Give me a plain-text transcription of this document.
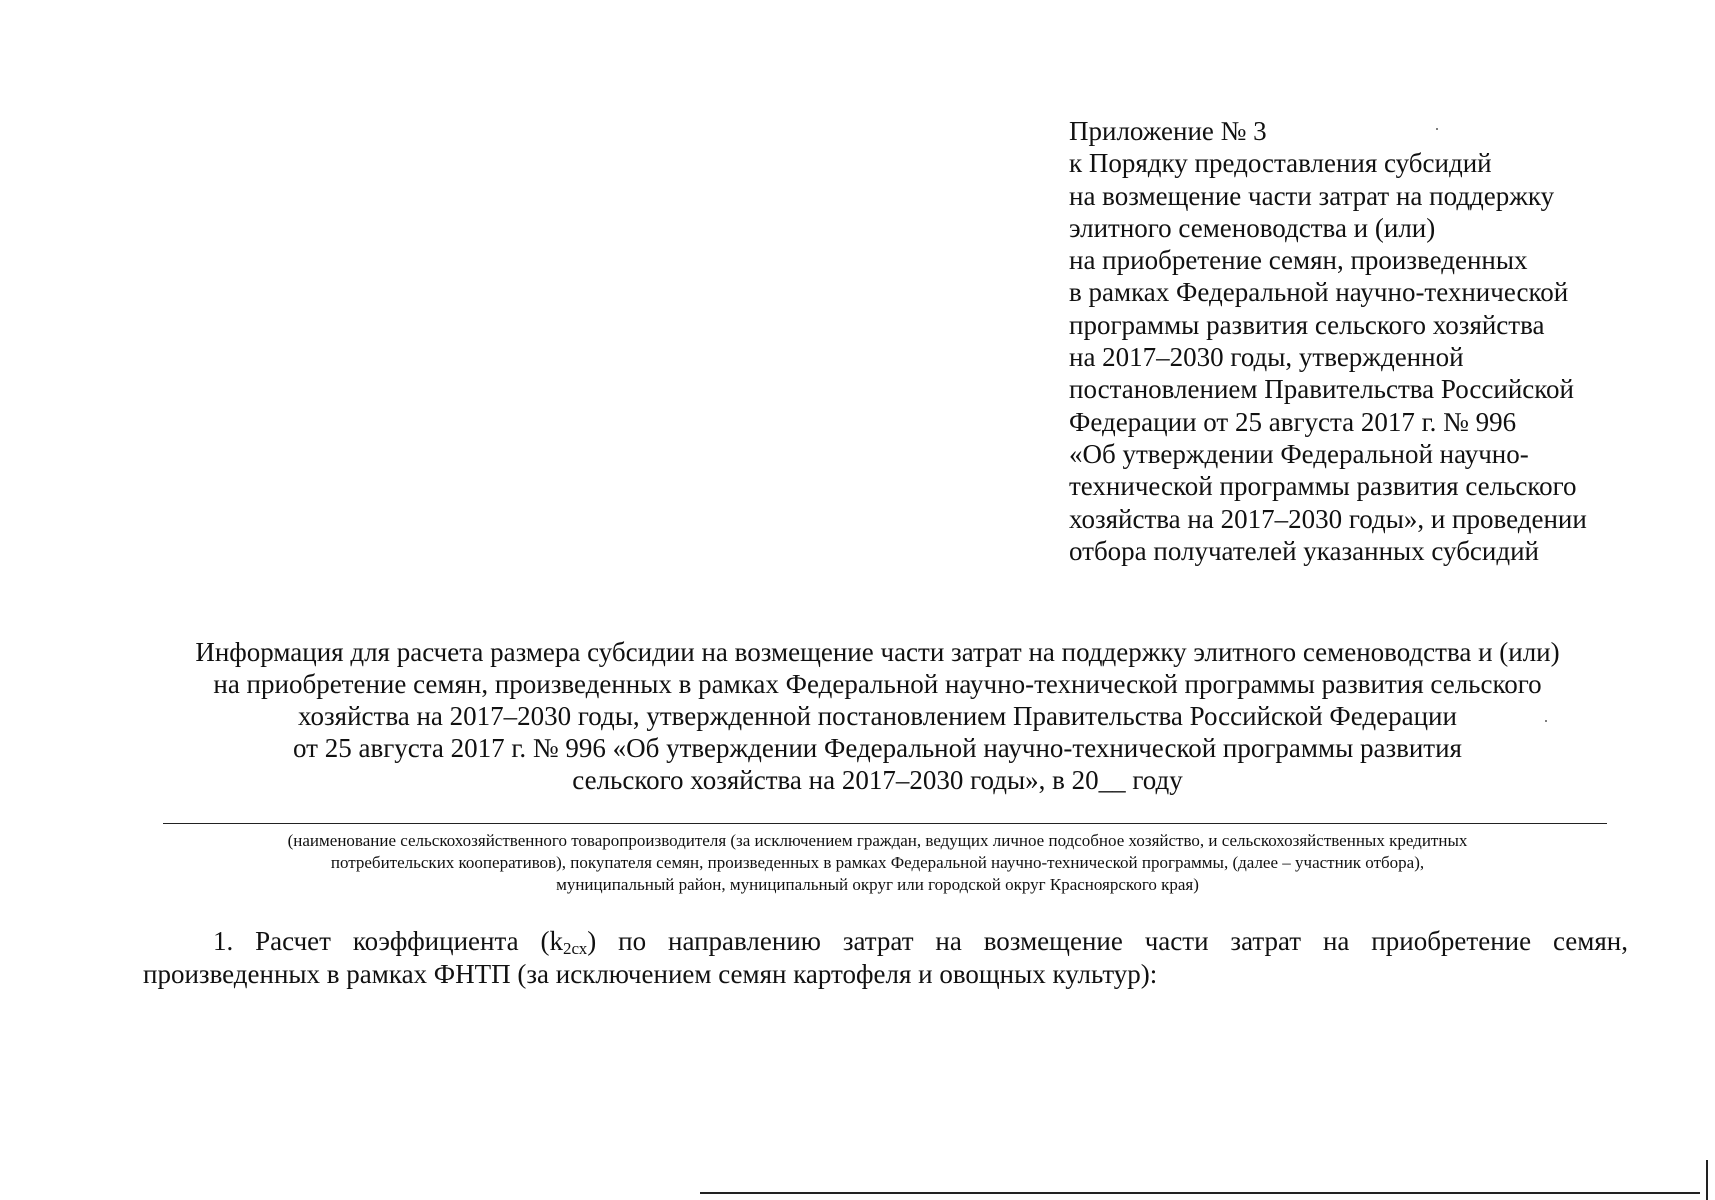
Приложение № 3
к Порядку предоставления субсидий
на возмещение части затрат на поддержку
элитного семеноводства и (или)
на приобретение семян, произведенных
в рамках Федеральной научно-технической
программы развития сельского хозяйства
на 2017–2030 годы, утвержденной
постановлением Правительства Российской
Федерации от 25 августа 2017 г. № 996
«Об утверждении Федеральной научно-
технической программы развития сельского
хозяйства на 2017–2030 годы», и проведении
отбора получателей указанных субсидий
Информация для расчета размера субсидии на возмещение части затрат на поддержку элитного семеноводства и (или)
на приобретение семян, произведенных в рамках Федеральной научно-технической программы развития сельского
хозяйства на 2017–2030 годы, утвержденной постановлением Правительства Российской Федерации
от 25 августа 2017 г. № 996 «Об утверждении Федеральной научно-технической программы развития
сельского хозяйства на 2017–2030 годы», в 20__ году
(наименование сельскохозяйственного товаропроизводителя (за исключением граждан, ведущих личное подсобное хозяйство, и сельскохозяйственных кредитных
потребительских кооперативов), покупателя семян, произведенных в рамках Федеральной научно-технической программы, (далее – участник отбора),
муниципальный район, муниципальный округ или городской округ Красноярского края)
1. Расчет коэффициента $(k_{2сх})$ по направлению затрат на возмещение части затрат на приобретение семян,
произведенных в рамках ФНТП (за исключением семян картофеля и овощных культур):
